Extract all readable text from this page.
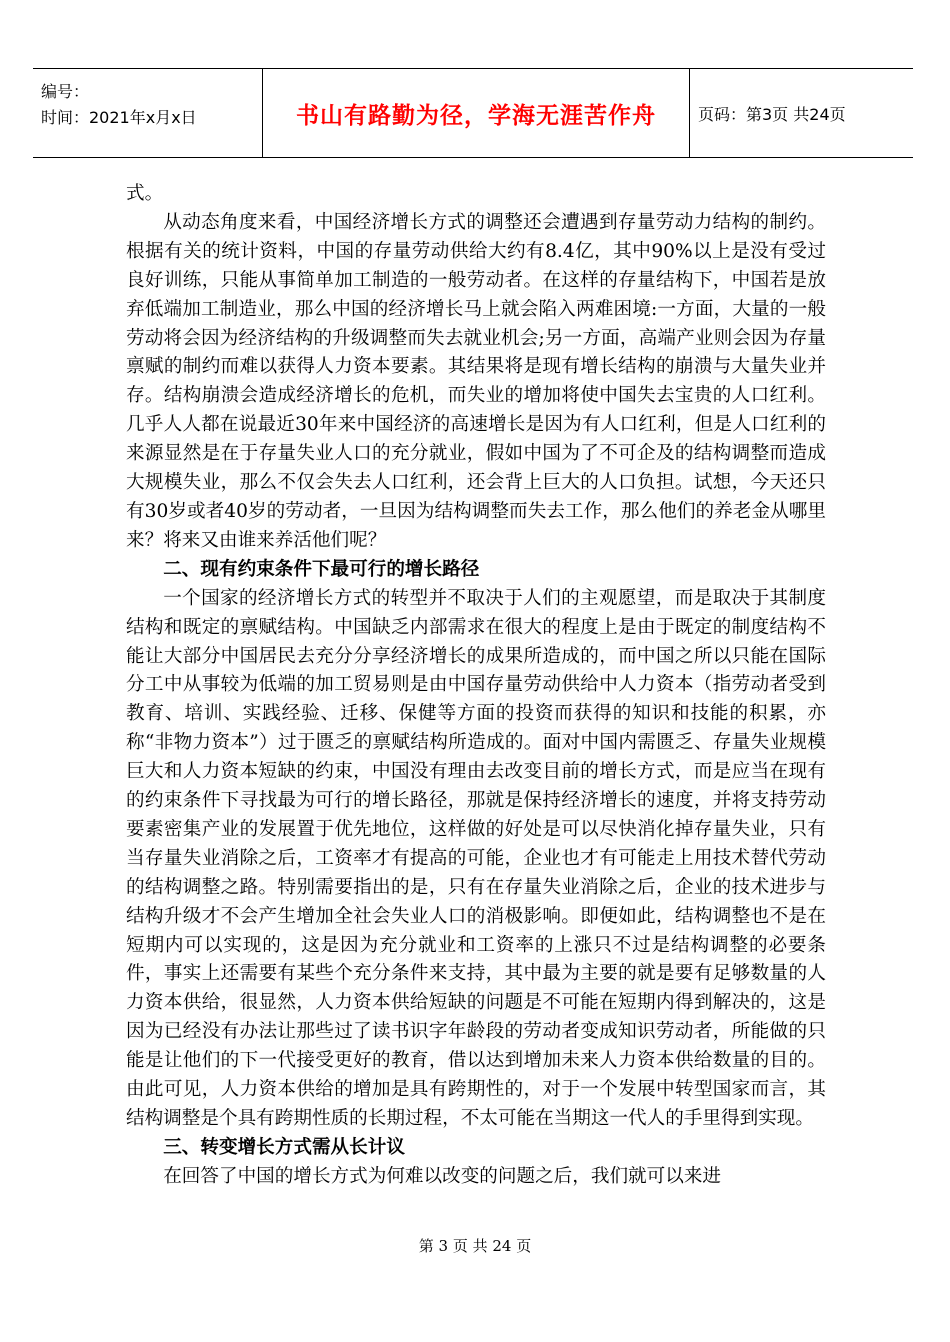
编号：
时间：2021年x月x日	书山有路勤为径，学海无涯苦作舟	页码：第3页 共24页

式。

从动态角度来看，中国经济增长方式的调整还会遭遇到存量劳动力结构的制约。根据有关的统计资料，中国的存量劳动供给大约有8.4亿，其中90%以上是没有受过良好训练，只能从事简单加工制造的一般劳动者。在这样的存量结构下，中国若是放弃低端加工制造业，那么中国的经济增长马上就会陷入两难困境:一方面，大量的一般劳动将会因为经济结构的升级调整而失去就业机会;另一方面，高端产业则会因为存量禀赋的制约而难以获得人力资本要素。其结果将是现有增长结构的崩溃与大量失业并存。结构崩溃会造成经济增长的危机，而失业的增加将使中国失去宝贵的人口红利。几乎人人都在说最近30年来中国经济的高速增长是因为有人口红利，但是人口红利的来源显然是在于存量失业人口的充分就业，假如中国为了不可企及的结构调整而造成大规模失业，那么不仅会失去人口红利，还会背上巨大的人口负担。试想，今天还只有30岁或者40岁的劳动者，一旦因为结构调整而失去工作，那么他们的养老金从哪里来？将来又由谁来养活他们呢？

二、现有约束条件下最可行的增长路径

一个国家的经济增长方式的转型并不取决于人们的主观愿望，而是取决于其制度结构和既定的禀赋结构。中国缺乏内部需求在很大的程度上是由于既定的制度结构不能让大部分中国居民去充分分享经济增长的成果所造成的，而中国之所以只能在国际分工中从事较为低端的加工贸易则是由中国存量劳动供给中人力资本（指劳动者受到教育、培训、实践经验、迁移、保健等方面的投资而获得的知识和技能的积累，亦称“非物力资本”）过于匮乏的禀赋结构所造成的。面对中国内需匮乏、存量失业规模巨大和人力资本短缺的约束，中国没有理由去改变目前的增长方式，而是应当在现有的约束条件下寻找最为可行的增长路径，那就是保持经济增长的速度，并将支持劳动要素密集产业的发展置于优先地位，这样做的好处是可以尽快消化掉存量失业，只有当存量失业消除之后，工资率才有提高的可能，企业也才有可能走上用技术替代劳动的结构调整之路。特别需要指出的是，只有在存量失业消除之后，企业的技术进步与结构升级才不会产生增加全社会失业人口的消极影响。即便如此，结构调整也不是在短期内可以实现的，这是因为充分就业和工资率的上涨只不过是结构调整的必要条件，事实上还需要有某些个充分条件来支持，其中最为主要的就是要有足够数量的人力资本供给，很显然，人力资本供给短缺的问题是不可能在短期内得到解决的，这是因为已经没有办法让那些过了读书识字年龄段的劳动者变成知识劳动者，所能做的只能是让他们的下一代接受更好的教育，借以达到增加未来人力资本供给数量的目的。由此可见，人力资本供给的增加是具有跨期性的，对于一个发展中转型国家而言，其结构调整是个具有跨期性质的长期过程，不太可能在当期这一代人的手里得到实现。

三、转变增长方式需从长计议

在回答了中国的增长方式为何难以改变的问题之后，我们就可以来进

第 3 页 共 24 页
